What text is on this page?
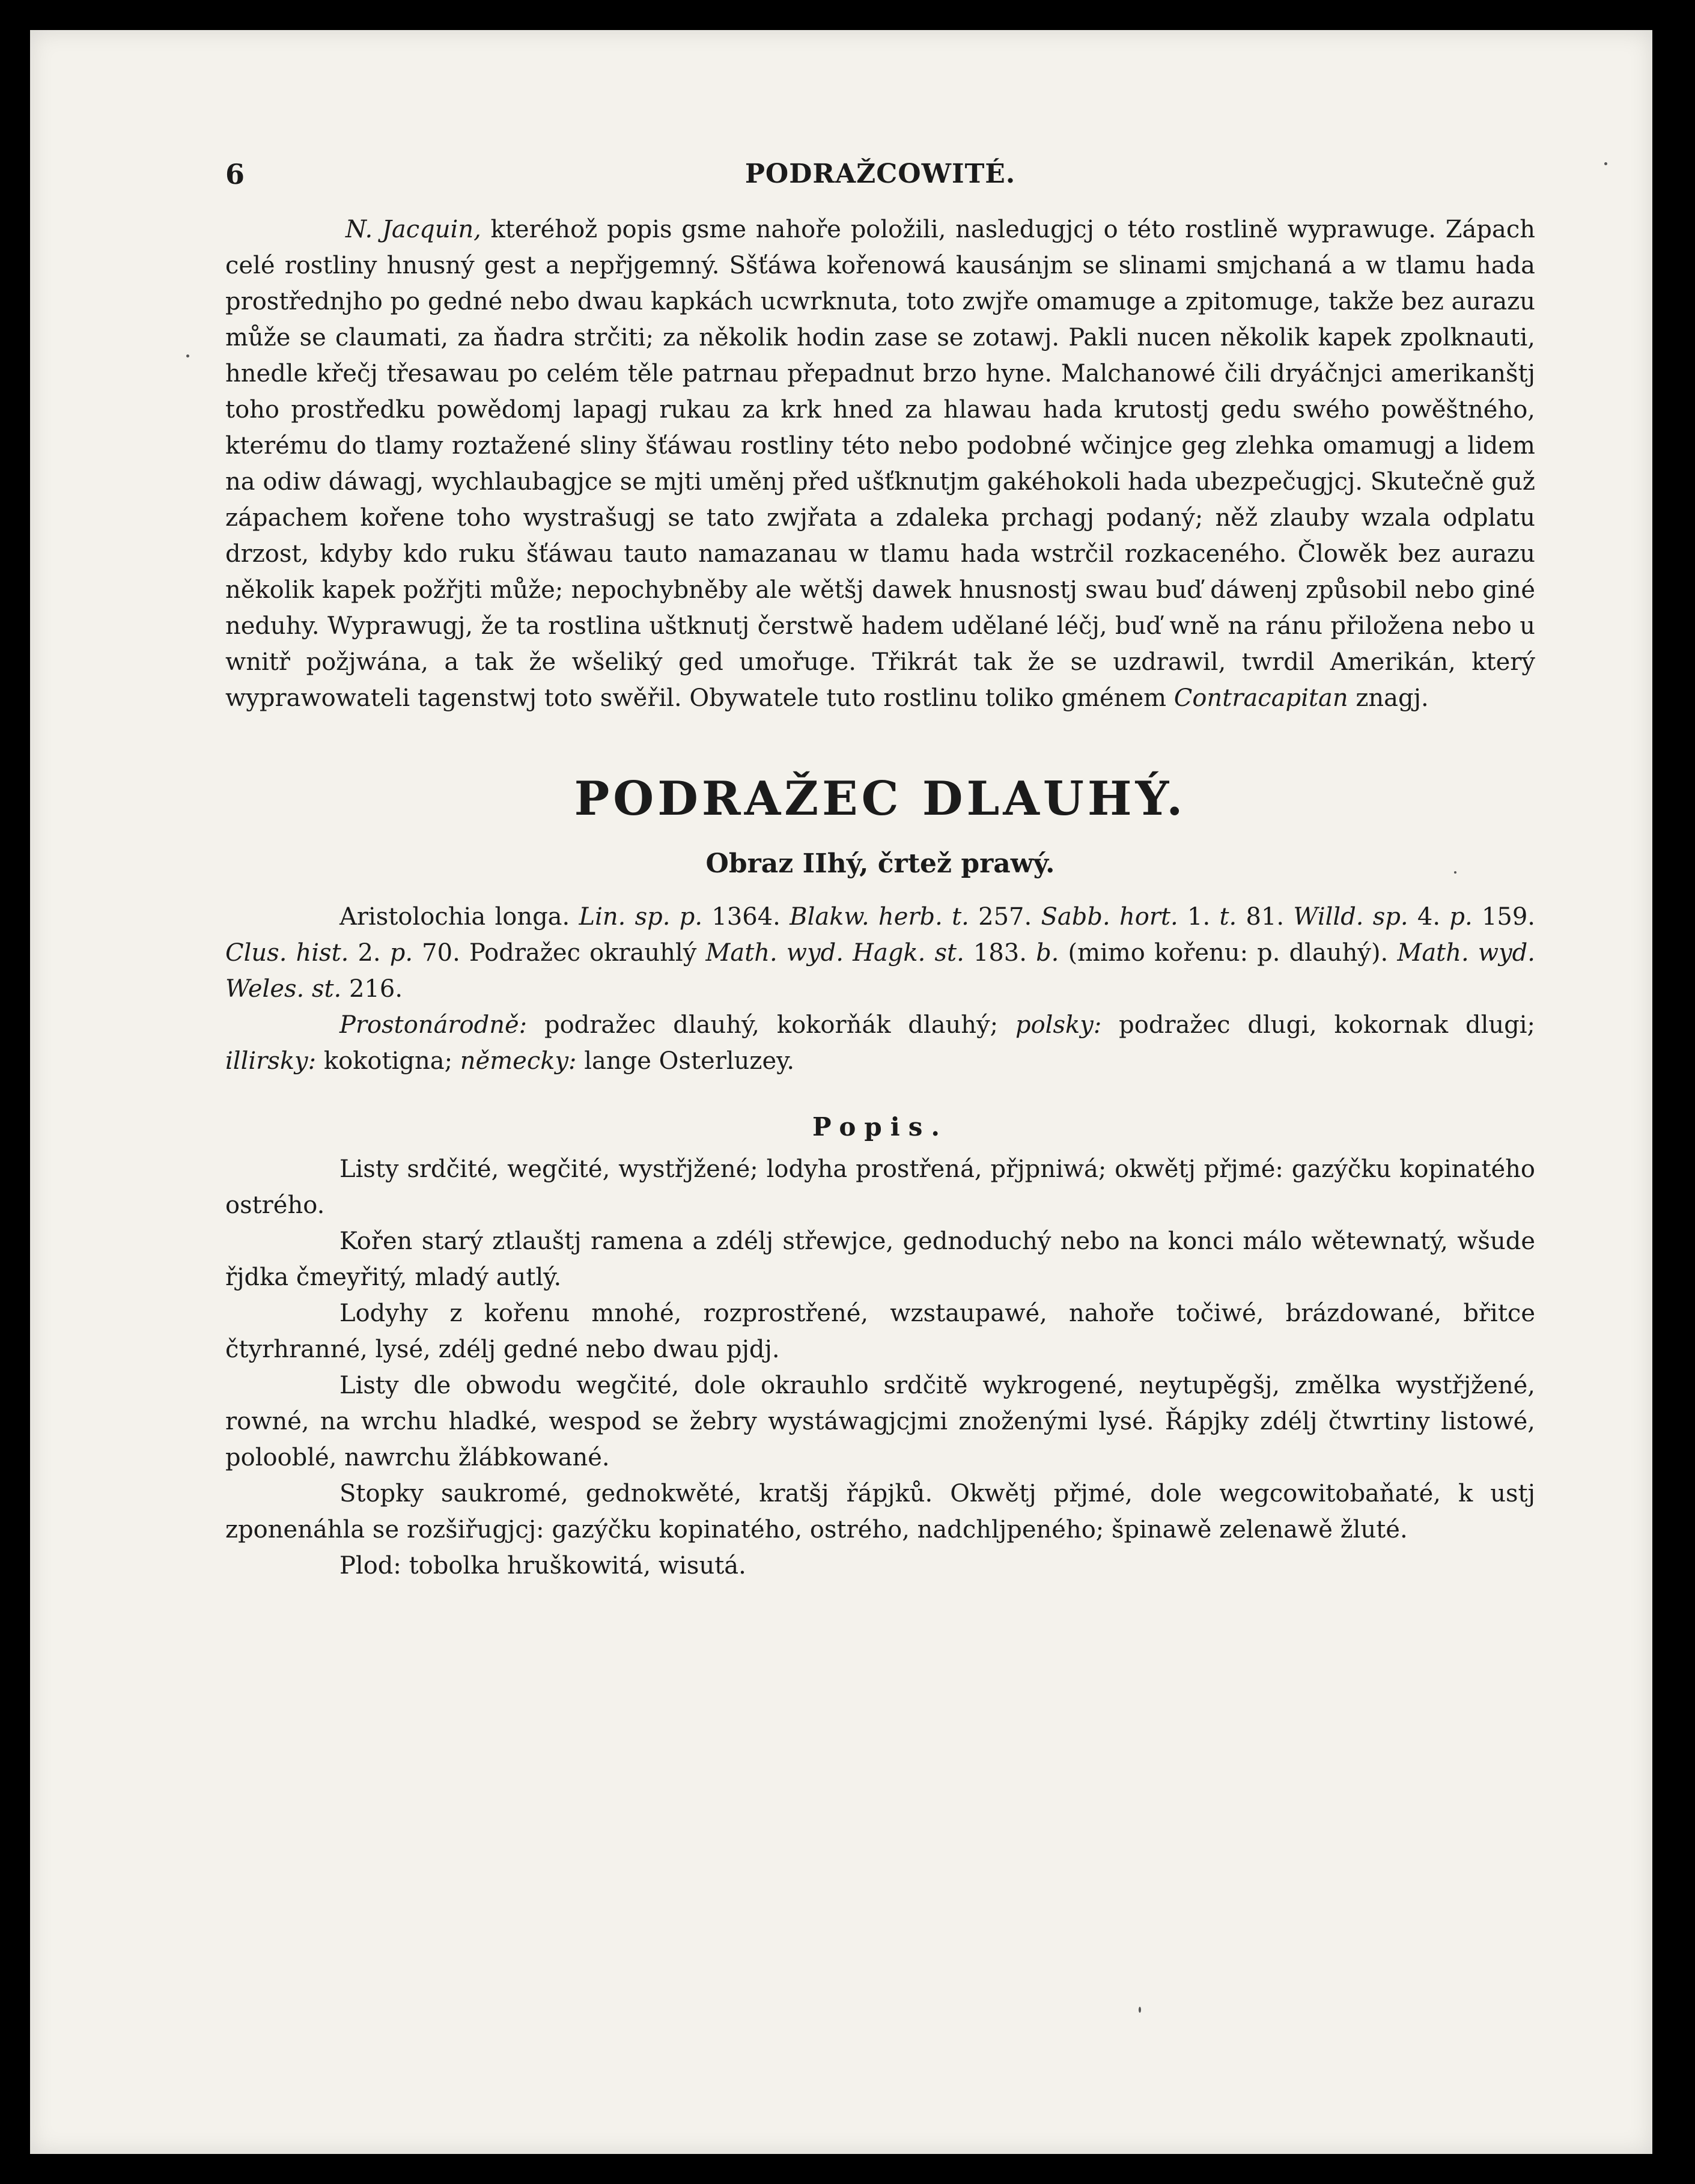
6	PODRAŽCOWITÉ.

N. Jacquin, kteréhož popis gsme nahoře položili, nasledugjcj o této rostlině wyprawuge. Zápach celé rostliny hnusný gest a nepřjgemný. Sšťáwa kořenowá kausánjm se slinami smjchaná a w tlamu hada prostřednjho po gedné nebo dwau kapkách ucwrknuta, toto zwjře omamuge a zpitomuge, takže bez aurazu může se claumati, za ňadra strčiti; za několik hodin zase se zotawj. Pakli nucen několik kapek zpolknauti, hnedle křečj třesawau po celém těle patrnau přepadnut brzo hyne. Malchanowé čili dryáčnjci amerikanštj toho prostředku powědomj lapagj rukau za krk hned za hlawau hada krutostj gedu swého powěštného, kterému do tlamy roztažené sliny šťáwau rostliny této nebo podobné wčinjce geg zlehka omamugj a lidem na odiw dáwagj, wychlaubagjce se mjti uměnj před ušťknutjm gakéhokoli hada ubezpečugjcj. Skutečně guž zápachem kořene toho wystrašugj se tato zwjřata a zdaleka prchagj podaný; něž zlauby wzala odplatu drzost, kdyby kdo ruku šťáwau tauto namazanau w tlamu hada wstrčil rozkaceného. Člowěk bez aurazu několik kapek požřjti může; nepochybněby ale wětšj dawek hnusnostj swau buď dáwenj způsobil nebo giné neduhy. Wyprawugj, že ta rostlina uštknutj čerstwě hadem udělané léčj, buď wně na ránu přiložena nebo u wnitř požjwána, a tak že wšeliký ged umořuge. Třikrát tak že se uzdrawil, twrdil Amerikán, který wyprawowateli tagenstwj toto swěřil. Obywatele tuto rostlinu toliko gménem Contracapitan znagj.

PODRAŽEC DLAUHÝ.
Obraz IIhý, črtež prawý.

Aristolochia longa. Lin. sp. p. 1364. Blakw. herb. t. 257. Sabb. hort. 1. t. 81. Willd. sp. 4. p. 159. Clus. hist. 2. p. 70. Podražec okrauhlý Math. wyd. Hagk. st. 183. b. (mimo kořenu: p. dlauhý). Math. wyd. Weles. st. 216.

Prostonárodně: podražec dlauhý, kokorňák dlauhý; polsky: podražec dlugi, kokornak dlugi; illirsky: kokotigna; německy: lange Osterluzey.

Popis.

Listy srdčité, wegčité, wystřjžené; lodyha prostřená, přjpniwá; okwětj přjmé: gazýčku kopinatého ostrého.

Kořen starý ztlauštj ramena a zdélj střewjce, gednoduchý nebo na konci málo wětewnatý, wšude řjdka čmeyřitý, mladý autlý.

Lodyhy z kořenu mnohé, rozprostřené, wzstaupawé, nahoře točiwé, brázdowané, břitce čtyrhranné, lysé, zdélj gedné nebo dwau pjdj.

Listy dle obwodu wegčité, dole okrauhlo srdčitě wykrogené, neytupěgšj, změlka wystřjžené, rowné, na wrchu hladké, wespod se žebry wystáwagjcjmi znoženými lysé. Řápjky zdélj čtwrtiny listowé, polooblé, nawrchu žlábkowané.

Stopky saukromé, gednokwěté, kratšj řápjků. Okwětj přjmé, dole wegcowitobaňaté, k ustj zponenáhla se rozšiřugjcj: gazýčku kopinatého, ostrého, nadchljpeného; špinawě zelenawě žluté.

Plod: tobolka hruškowitá, wisutá.
